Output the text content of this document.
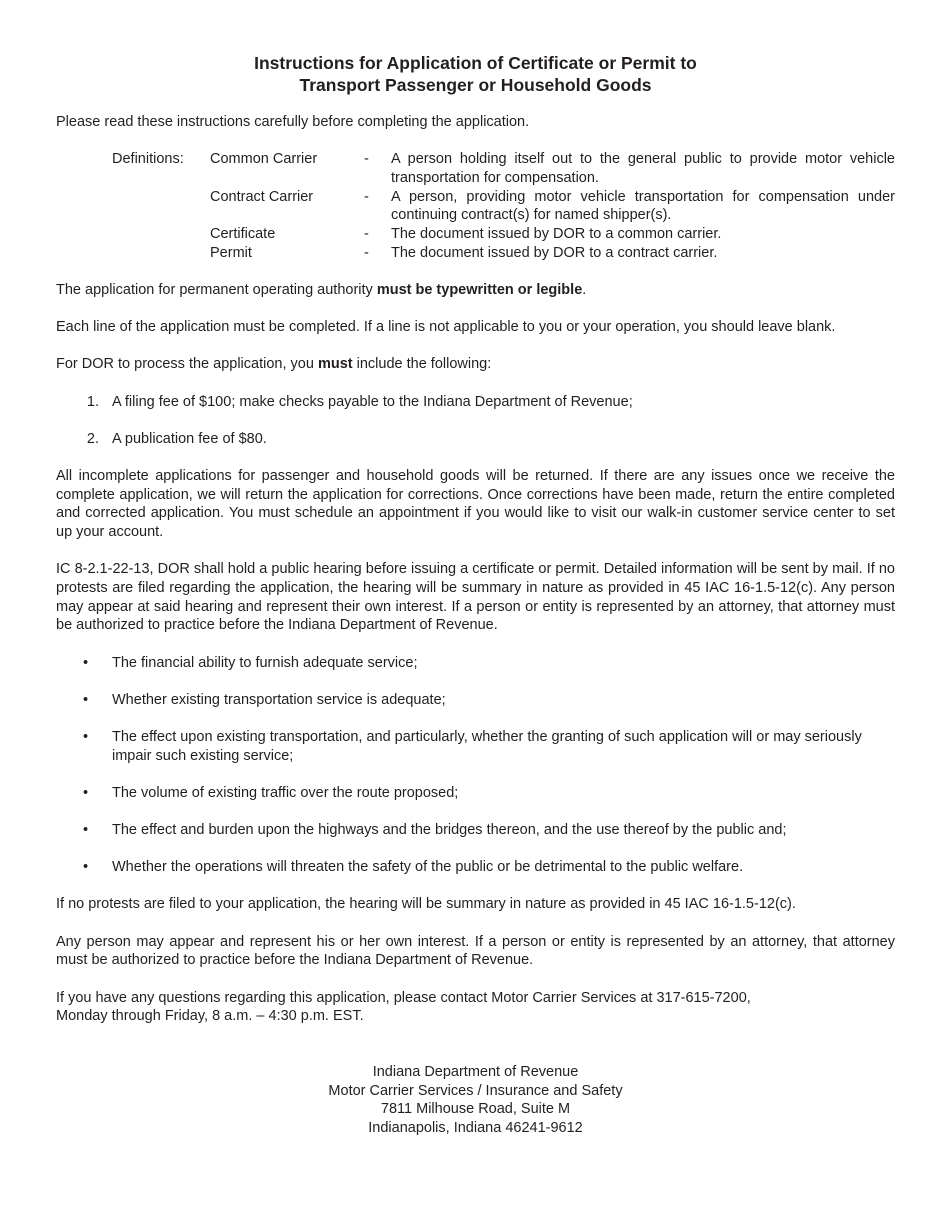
Instructions for Application of Certificate or Permit to
Transport Passenger or Household Goods

Please read these instructions carefully before completing the application.

Definitions:	Common Carrier	-	A person holding itself out to the general public to provide motor vehicle transportation for compensation.
Contract Carrier	-	A person, providing motor vehicle transportation for compensation under continuing contract(s) for named shipper(s).
Certificate	-	The document issued by DOR to a common carrier.
Permit	-	The document issued by DOR to a contract carrier.

The application for permanent operating authority must be typewritten or legible.

Each line of the application must be completed. If a line is not applicable to you or your operation, you should leave blank.

For DOR to process the application, you must include the following:

1. A filing fee of $100; make checks payable to the Indiana Department of Revenue;
2. A publication fee of $80.

All incomplete applications for passenger and household goods will be returned. If there are any issues once we receive the complete application, we will return the application for corrections. Once corrections have been made, return the entire completed and corrected application. You must schedule an appointment if you would like to visit our walk-in customer service center to set up your account.

IC 8-2.1-22-13, DOR shall hold a public hearing before issuing a certificate or permit. Detailed information will be sent by mail. If no protests are filed regarding the application, the hearing will be summary in nature as provided in 45 IAC 16-1.5-12(c). Any person may appear at said hearing and represent their own interest. If a person or entity is represented by an attorney, that attorney must be authorized to practice before the Indiana Department of Revenue.

•	The financial ability to furnish adequate service;
•	Whether existing transportation service is adequate;
•	The effect upon existing transportation, and particularly, whether the granting of such application will or may seriously impair such existing service;
•	The volume of existing traffic over the route proposed;
•	The effect and burden upon the highways and the bridges thereon, and the use thereof by the public and;
•	Whether the operations will threaten the safety of the public or be detrimental to the public welfare.

If no protests are filed to your application, the hearing will be summary in nature as provided in 45 IAC 16-1.5-12(c).

Any person may appear and represent his or her own interest. If a person or entity is represented by an attorney, that attorney must be authorized to practice before the Indiana Department of Revenue.

If you have any questions regarding this application, please contact Motor Carrier Services at 317-615-7200,
Monday through Friday, 8 a.m. – 4:30 p.m. EST.

Indiana Department of Revenue
Motor Carrier Services / Insurance and Safety
7811 Milhouse Road, Suite M
Indianapolis, Indiana 46241-9612
